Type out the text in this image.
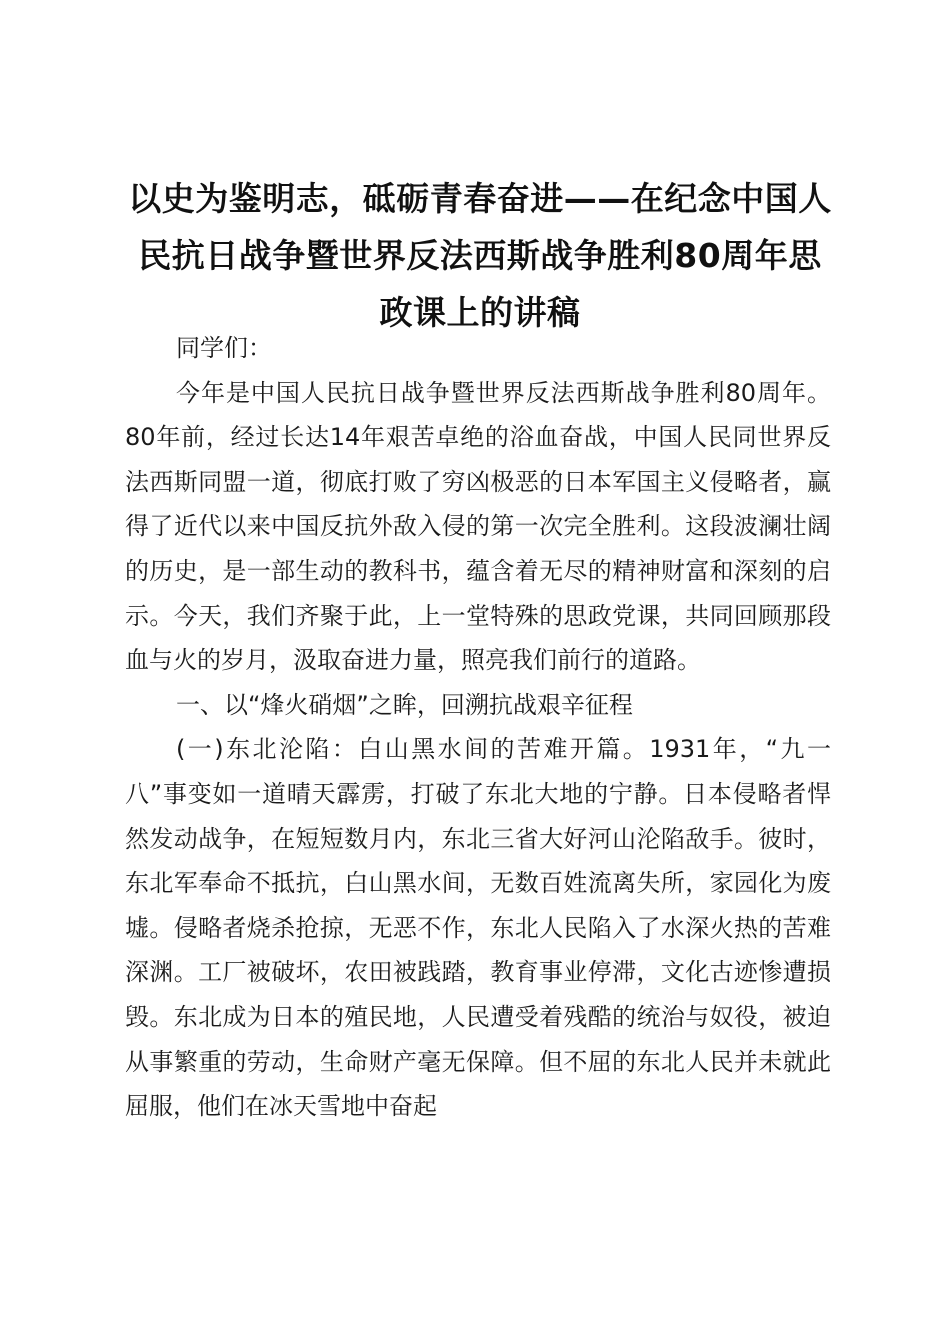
以史为鉴明志，砥砺青春奋进——在纪念中国人民抗日战争暨世界反法西斯战争胜利80周年思政课上的讲稿

同学们：

今年是中国人民抗日战争暨世界反法西斯战争胜利80周年。80年前，经过长达14年艰苦卓绝的浴血奋战，中国人民同世界反法西斯同盟一道，彻底打败了穷凶极恶的日本军国主义侵略者，赢得了近代以来中国反抗外敌入侵的第一次完全胜利。这段波澜壮阔的历史，是一部生动的教科书，蕴含着无尽的精神财富和深刻的启示。今天，我们齐聚于此，上一堂特殊的思政党课，共同回顾那段血与火的岁月，汲取奋进力量，照亮我们前行的道路。

一、以“烽火硝烟”之眸，回溯抗战艰辛征程

(一)东北沦陷：白山黑水间的苦难开篇。1931年，“九一八”事变如一道晴天霹雳，打破了东北大地的宁静。日本侵略者悍然发动战争，在短短数月内，东北三省大好河山沦陷敌手。彼时，东北军奉命不抵抗，白山黑水间，无数百姓流离失所，家园化为废墟。侵略者烧杀抢掠，无恶不作，东北人民陷入了水深火热的苦难深渊。工厂被破坏，农田被践踏，教育事业停滞，文化古迹惨遭损毁。东北成为日本的殖民地，人民遭受着残酷的统治与奴役，被迫从事繁重的劳动，生命财产毫无保障。但不屈的东北人民并未就此屈服，他们在冰天雪地中奋起
